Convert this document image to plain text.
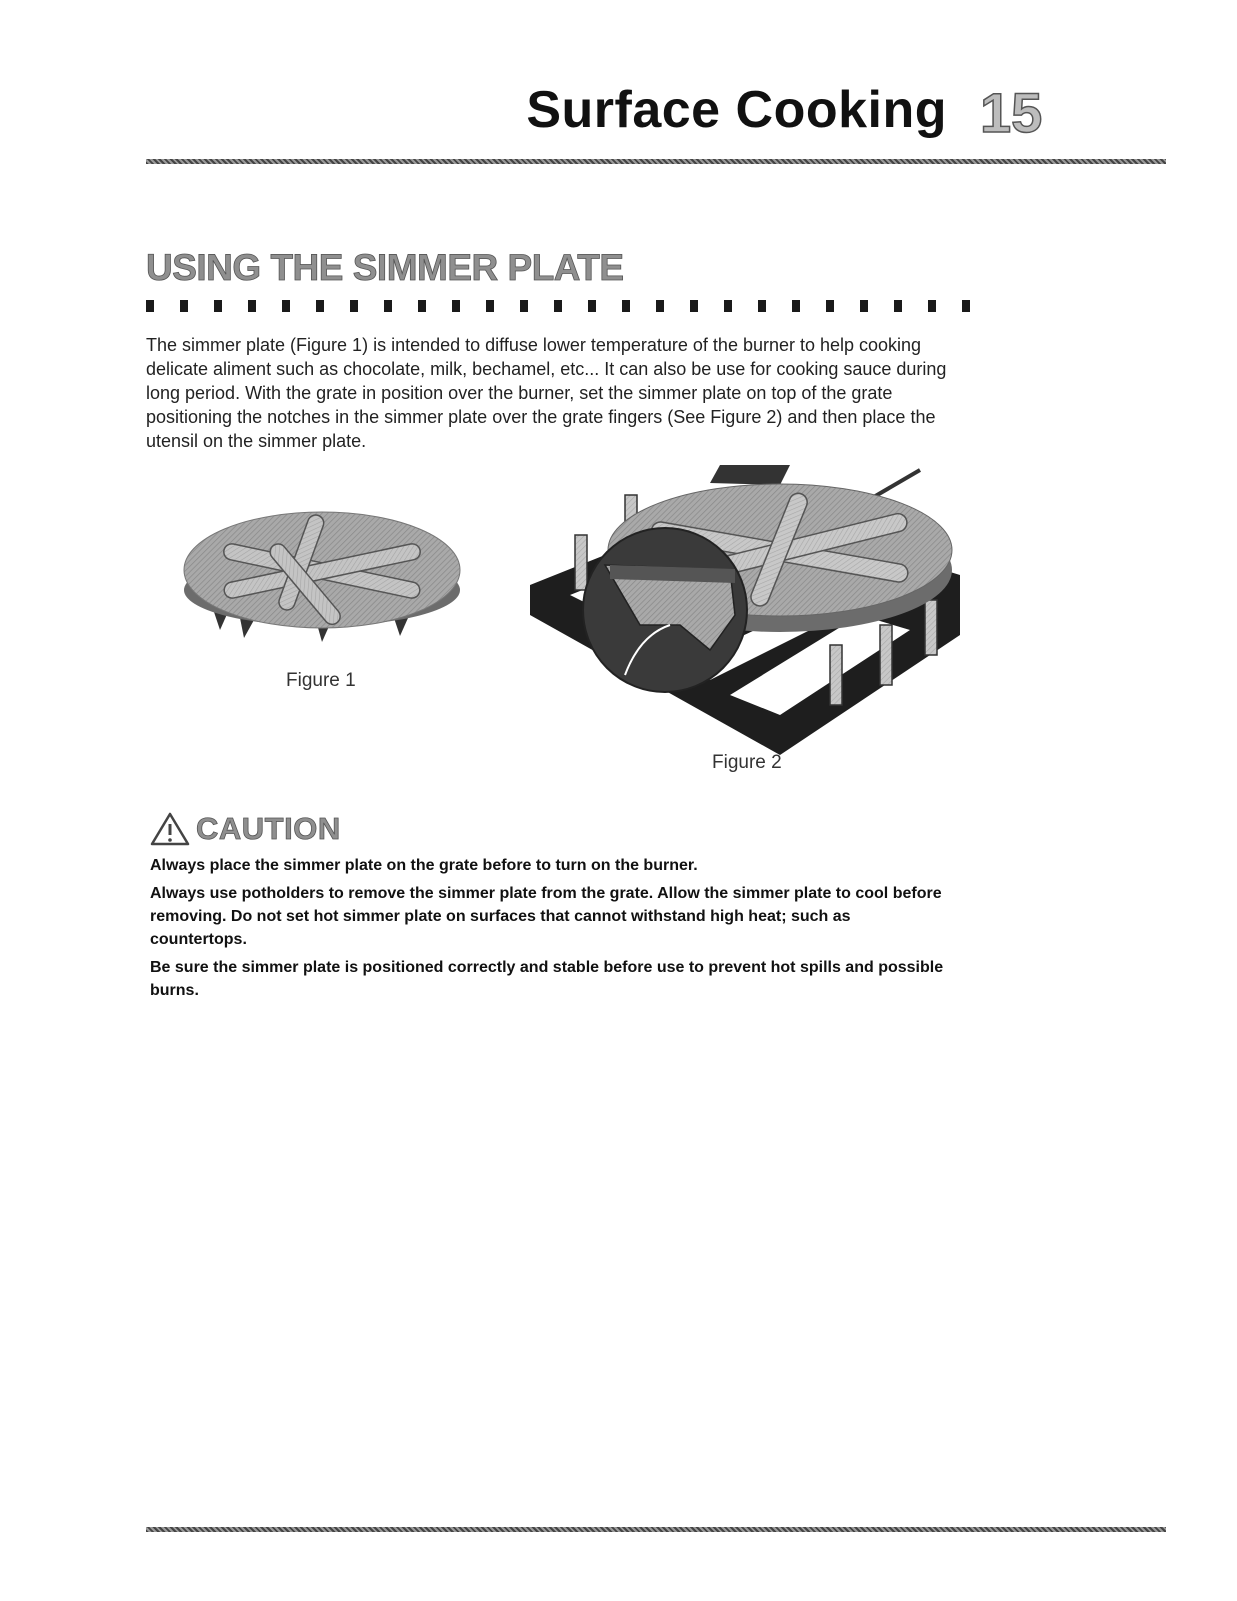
Surface Cooking 15
USING THE SIMMER PLATE
The simmer plate (Figure 1) is intended to diffuse lower temperature of the burner to help cooking delicate aliment such as chocolate, milk, bechamel, etc... It can also be use for cooking sauce during long period. With the grate in position over the burner, set the simmer plate on top of the grate positioning the notches in the simmer plate over the grate fingers (See Figure 2) and then place the utensil on the simmer plate.
Figure 1
Figure 2
CAUTION

Always place the simmer plate on the grate before to turn on the burner.

Always use potholders to remove the simmer plate from the grate. Allow the simmer plate to cool before removing. Do not set hot simmer plate on surfaces that cannot withstand high heat; such as countertops.

Be sure the simmer plate is positioned correctly and stable before use to prevent hot spills and possible burns.
